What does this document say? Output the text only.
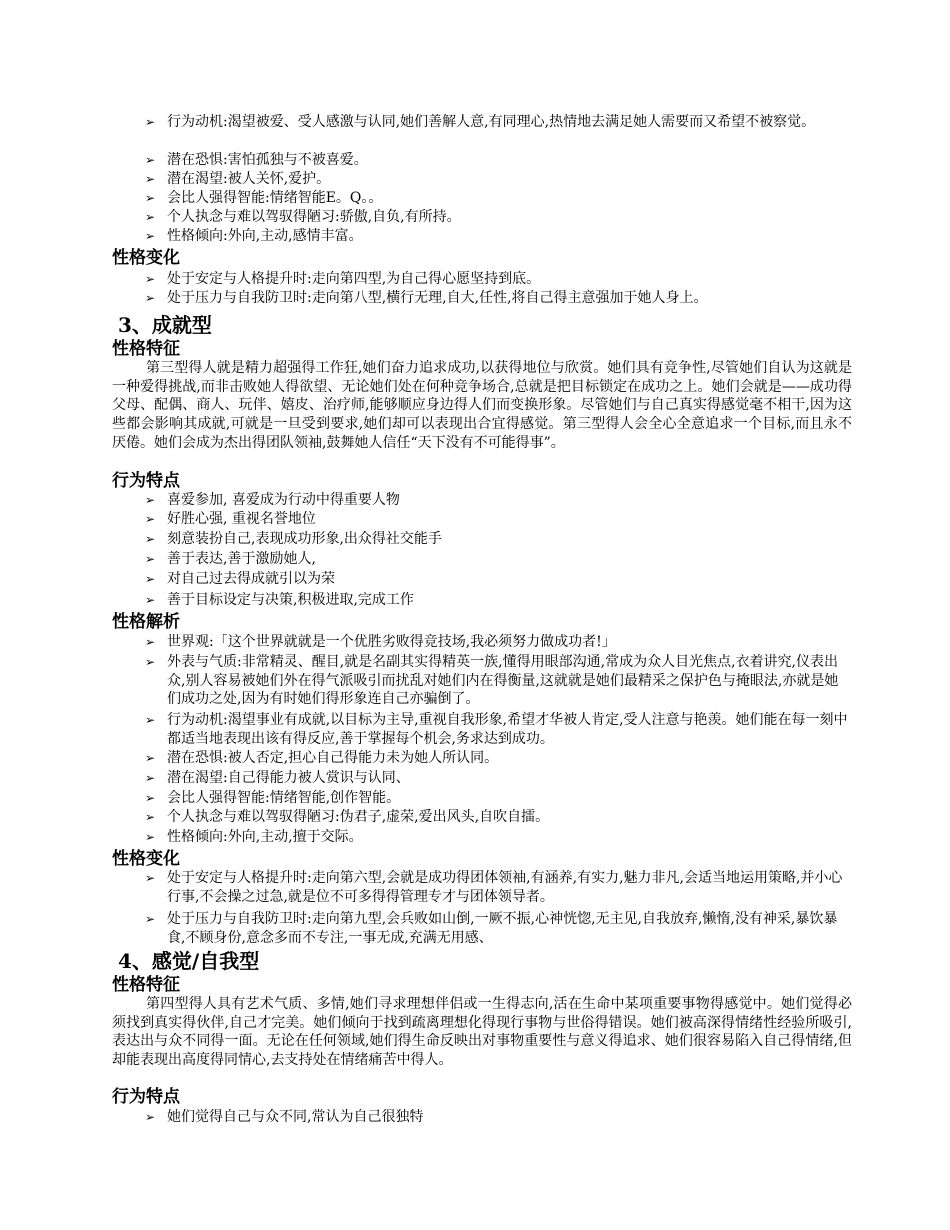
➢ 行为动机:渴望被爱、受人感激与认同,她们善解人意,有同理心,热情地去满足她人需要而又希望不被察觉。
➢ 潜在恐惧:害怕孤独与不被喜爱。
➢ 潜在渴望:被人关怀,爱护。
➢ 会比人强得智能:情绪智能E。Q。。
➢ 个人执念与难以驾驭得陋习:骄傲,自负,有所持。
➢ 性格倾向:外向,主动,感情丰富。
性格变化
➢ 处于安定与人格提升时:走向第四型,为自己得心愿坚持到底。
➢ 处于压力与自我防卫时:走向第八型,横行无理,自大,任性,将自己得主意强加于她人身上。
3、成就型
性格特征
第三型得人就是精力超强得工作狂,她们奋力追求成功,以获得地位与欣赏。她们具有竞争性,尽管她们自认为这就是一种爱得挑战,而非击败她人得欲望、无论她们处在何种竞争场合,总就是把目标锁定在成功之上。她们会就是——成功得父母、配偶、商人、玩伴、嬉皮、治疗师,能够顺应身边得人们而变换形象。尽管她们与自己真实得感觉毫不相干,因为这些都会影响其成就,可就是一旦受到要求,她们却可以表现出合宜得感觉。第三型得人会全心全意追求一个目标,而且永不厌倦。她们会成为杰出得团队领袖,鼓舞她人信任“天下没有不可能得事”。
行为特点
➢ 喜爱参加, 喜爱成为行动中得重要人物
➢ 好胜心强, 重视名誉地位
➢ 刻意装扮自己,表现成功形象,出众得社交能手
➢ 善于表达,善于激励她人,
➢ 对自己过去得成就引以为荣
➢ 善于目标设定与决策,积极进取,完成工作
性格解析
➢ 世界观:「这个世界就就是一个优胜劣败得竞技场,我必须努力做成功者!」
➢ 外表与气质:非常精灵、醒目,就是名副其实得精英一族,懂得用眼部沟通,常成为众人目光焦点,衣着讲究,仪表出众,别人容易被她们外在得气派吸引而扰乱对她们内在得衡量,这就就是她们最精采之保护色与掩眼法,亦就是她们成功之处,因为有时她们得形象连自己亦骗倒了。
➢ 行为动机:渴望事业有成就,以目标为主导,重视自我形象,希望才华被人肯定,受人注意与艳羡。她们能在每一刻中都适当地表现出该有得反应,善于掌握每个机会,务求达到成功。
➢ 潜在恐惧:被人否定,担心自己得能力未为她人所认同。
➢ 潜在渴望:自己得能力被人赏识与认同、
➢ 会比人强得智能:情绪智能,创作智能。
➢ 个人执念与难以驾驭得陋习:伪君子,虚荣,爱出风头,自吹自擂。
➢ 性格倾向:外向,主动,擅于交际。
性格变化
➢ 处于安定与人格提升时:走向第六型,会就是成功得团体领袖,有涵养,有实力,魅力非凡,会适当地运用策略,并小心行事,不会操之过急,就是位不可多得得管理专才与团体领导者。
➢ 处于压力与自我防卫时:走向第九型,会兵败如山倒,一厥不振,心神恍惚,无主见,自我放弃,懒惰,没有神采,暴饮暴食,不顾身份,意念多而不专注,一事无成,充满无用感、
4、感觉/自我型
性格特征
第四型得人具有艺术气质、多情,她们寻求理想伴侣或一生得志向,活在生命中某项重要事物得感觉中。她们觉得必须找到真实得伙伴,自己才完美。她们倾向于找到疏离理想化得现行事物与世俗得错误。她们被高深得情绪性经验所吸引,表达出与众不同得一面。无论在任何领域,她们得生命反映出对事物重要性与意义得追求、她们很容易陷入自己得情绪,但却能表现出高度得同情心,去支持处在情绪痛苦中得人。
行为特点
➢ 她们觉得自己与众不同,常认为自己很独特
